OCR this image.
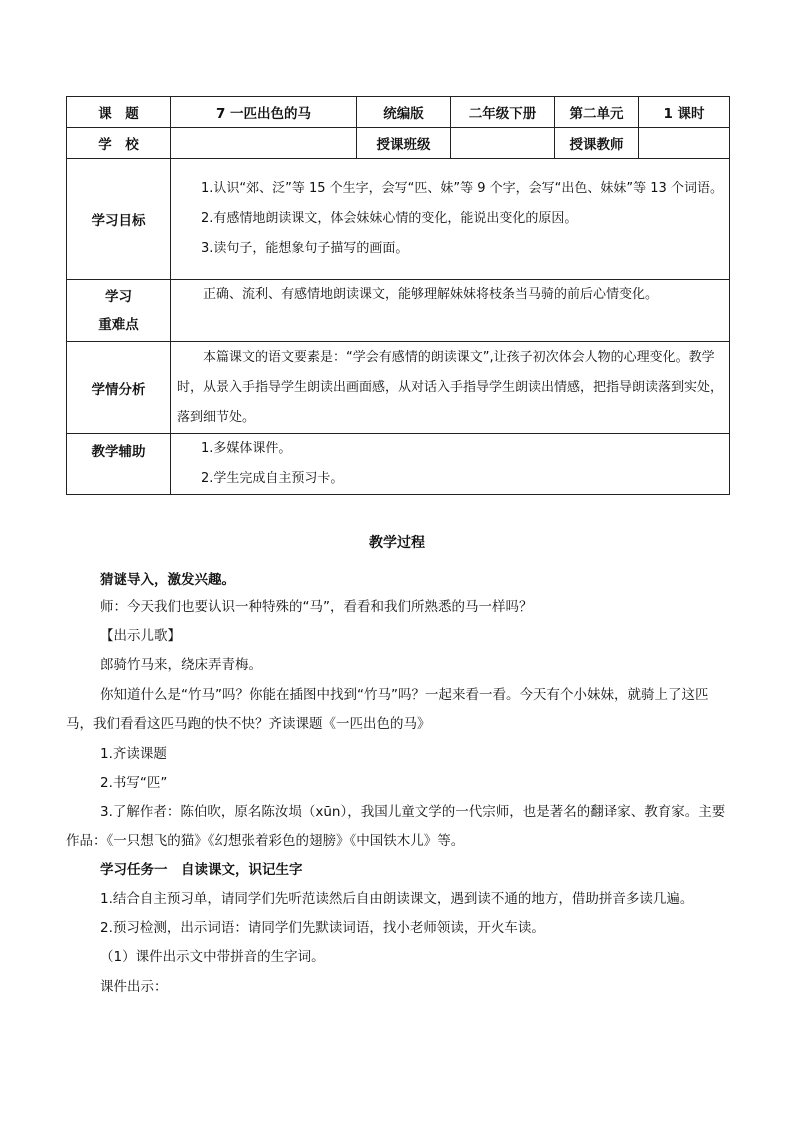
课　题	7 一匹出色的马	统编版	二年级下册	第二单元	1 课时
学　校		授课班级		授课教师	
学习目标	1.认识“郊、泛”等 15 个生字，会写“匹、妹”等 9 个字，会写“出色、妹妹”等 13 个词语。
2.有感情地朗读课文，体会妹妹心情的变化，能说出变化的原因。
3.读句子，能想象句子描写的画面。				

学习
重难点	正确、流利、有感情地朗读课文，能够理解妹妹将枝条当马骑的前后心情变化。				

学情分析	本篇课文的语文要素是：“学会有感情的朗读课文”,让孩子初次体会人物的心理变化。教学时，从景入手指导学生朗读出画面感，从对话入手指导学生朗读出情感，把指导朗读落到实处，落到细节处。				

教学辅助	1.多媒体课件。
2.学生完成自主预习卡。				
教学过程
猜谜导入，激发兴趣。
师：今天我们也要认识一种特殊的“马”，看看和我们所熟悉的马一样吗？
【出示儿歌】
郎骑竹马来，绕床弄青梅。
你知道什么是“竹马”吗？你能在插图中找到“竹马”吗？一起来看一看。今天有个小妹妹，就骑上了这匹马，我们看看这匹马跑的快不快？齐读课题《一匹出色的马》
1.齐读课题
2.书写“匹”
3.了解作者：陈伯吹，原名陈汝埙（xūn），我国儿童文学的一代宗师，也是著名的翻译家、教育家。主要作品：《一只想飞的猫》《幻想张着彩色的翅膀》《中国铁木儿》等。
学习任务一　自读课文，识记生字
1.结合自主预习单，请同学们先听范读然后自由朗读课文，遇到读不通的地方，借助拼音多读几遍。
2.预习检测，出示词语：请同学们先默读词语，找小老师领读，开火车读。
（1）课件出示文中带拼音的生字词。
课件出示：
